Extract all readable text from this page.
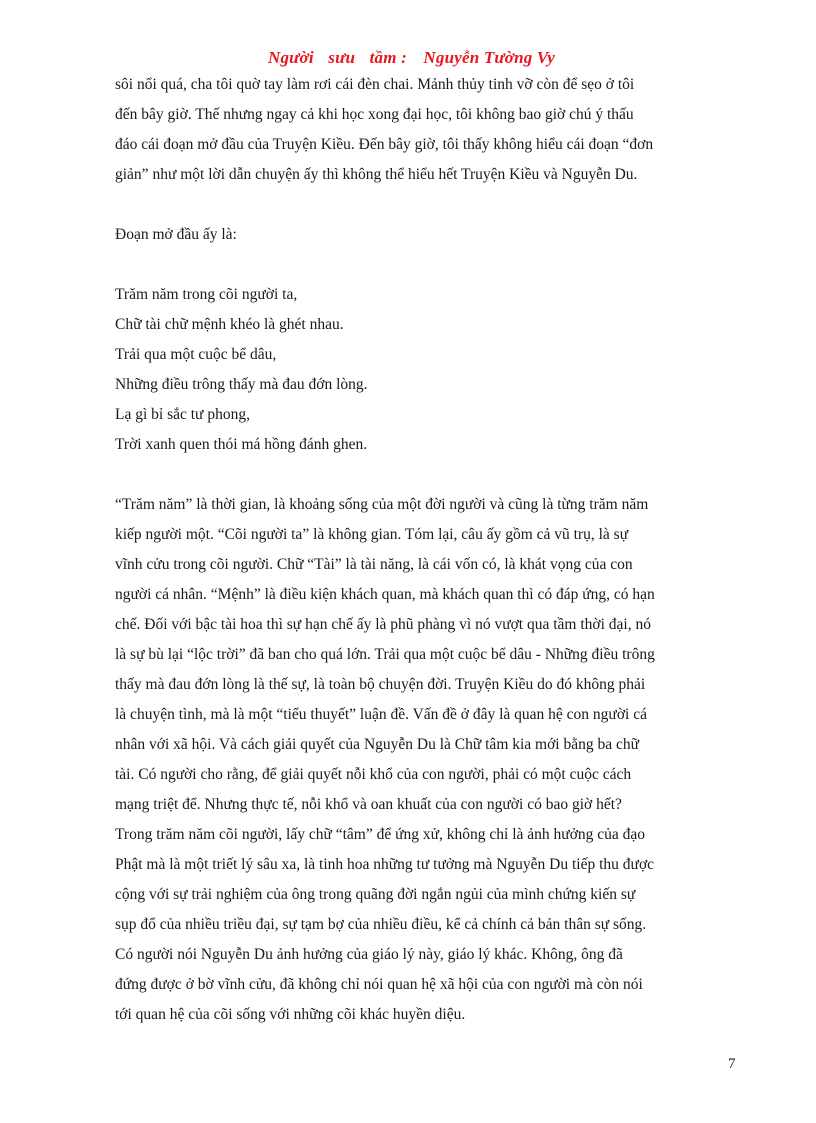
Người sưu tầm : Nguyễn Tường Vy
sôi nổi quá, cha tôi quờ tay làm rơi cái đèn chai. Mảnh thủy tinh vỡ còn để sẹo ở tôi
đến bây giờ. Thế nhưng ngay cả khi học xong đại học, tôi không bao giờ chú ý thấu
đáo cái đoạn mở đầu của Truyện Kiều. Đến bây giờ, tôi thấy không hiểu cái đoạn “đơn
giản” như một lời dẫn chuyện ấy thì không thể hiểu hết Truyện Kiều và Nguyễn Du.
Đoạn mở đầu ấy là:
Trăm năm trong cõi người ta,
Chữ tài chữ mệnh khéo là ghét nhau.
Trải qua một cuộc bể dâu,
Những điều trông thấy mà đau đớn lòng.
Lạ gì bỉ sắc tư phong,
Trời xanh quen thói má hồng đánh ghen.
“Trăm năm” là thời gian, là khoảng sống của một đời người và cũng là từng trăm năm
kiếp người một. “Cõi người ta” là không gian. Tóm lại, câu ấy gồm cả vũ trụ, là sự
vĩnh cửu trong cõi người. Chữ “Tài” là tài năng, là cái vốn có, là khát vọng của con
người cá nhân. “Mệnh” là điều kiện khách quan, mà khách quan thì có đáp ứng, có hạn
chế. Đối với bậc tài hoa thì sự hạn chế ấy là phũ phàng vì nó vượt qua tầm thời đại, nó
là sự bù lại “lộc trời” đã ban cho quá lớn. Trải qua một cuộc bể dâu - Những điều trông
thấy mà đau đớn lòng là thế sự, là toàn bộ chuyện đời. Truyện Kiều do đó không phải
là chuyện tình, mà là một “tiểu thuyết” luận đề. Vấn đề ở đây là quan hệ con người cá
nhân với xã hội. Và cách giải quyết của Nguyễn Du là Chữ tâm kia mới bằng ba chữ
tài. Có người cho rằng, để giải quyết nỗi khổ của con người, phải có một cuộc cách
mạng triệt để. Nhưng thực tế, nỗi khổ và oan khuất của con người có bao giờ hết?
Trong trăm năm cõi người, lấy chữ “tâm” để ứng xử, không chỉ là ảnh hưởng của đạo
Phật mà là một triết lý sâu xa, là tinh hoa những tư tưởng mà Nguyễn Du tiếp thu được
cộng với sự trải nghiệm của ông trong quãng đời ngắn ngủi của mình chứng kiến sự
sụp đổ của nhiều triều đại, sự tạm bợ của nhiều điều, kể cả chính cả bản thân sự sống.
Có người nói Nguyễn Du ảnh hưởng của giáo lý này, giáo lý khác. Không, ông đã
đứng được ở bờ vĩnh cửu, đã không chỉ nói quan hệ xã hội của con người mà còn nói
tới quan hệ của cõi sống với những cõi khác huyền diệu.
7
